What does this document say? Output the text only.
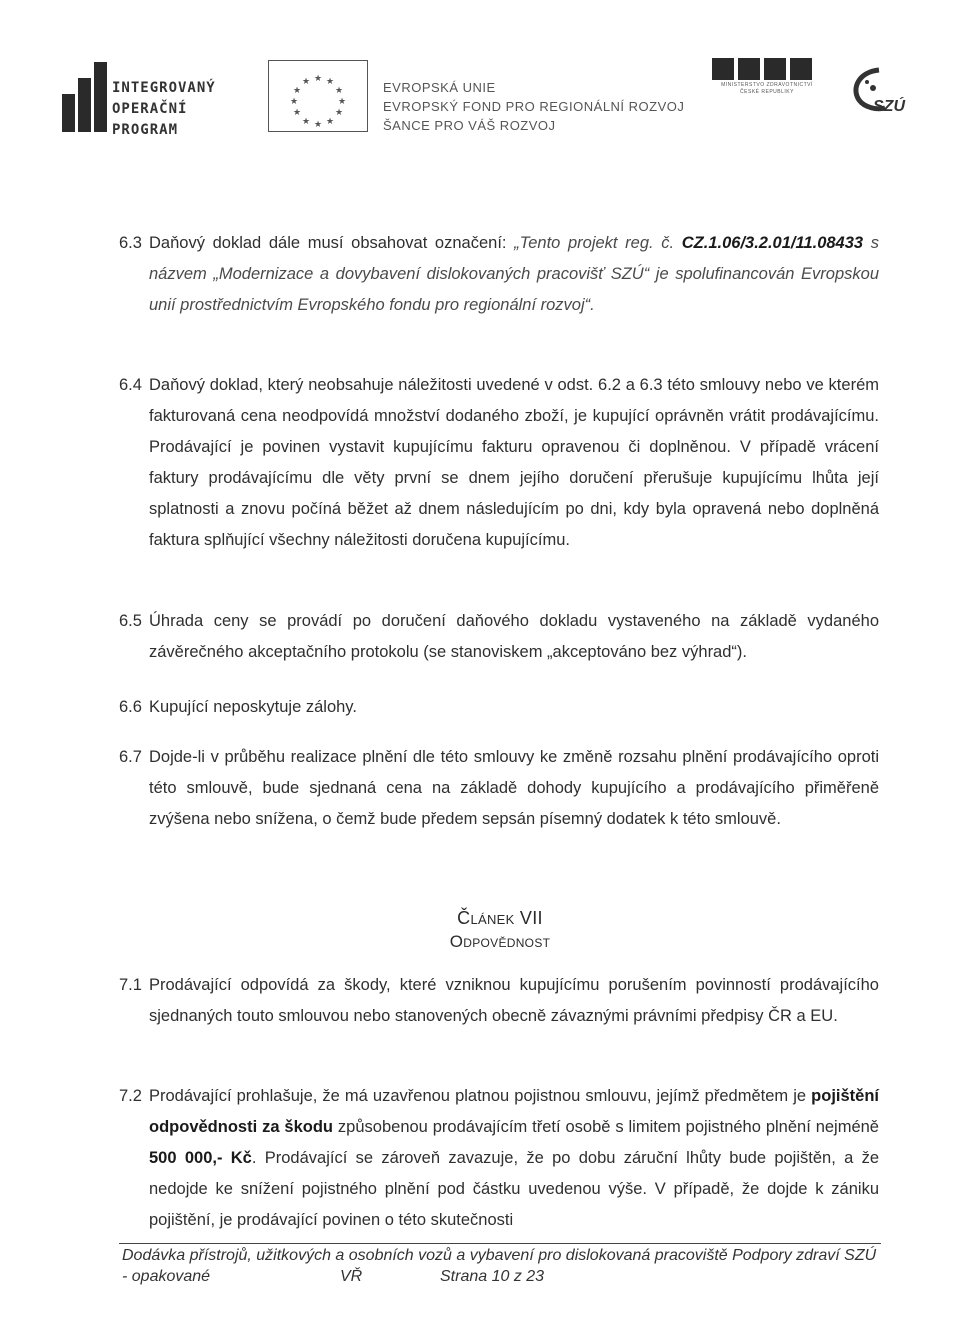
INTEGROVANÝ
OPERAČNÍ
PROGRAM
★ ★
★
★
★
★
★
★
★
★
★
★	EVROPSKÁ UNIE
EVROPSKÝ FOND PRO REGIONÁLNÍ ROZVOJ
ŠANCE PRO VÁŠ ROZVOJ
MINISTERSTVO ZDRAVOTNICTVÍ
ČESKÉ REPUBLIKY
SZÚ
6.3 Daňový doklad dále musí obsahovat označení: „Tento projekt reg. č. CZ.1.06/3.2.01/11.08433 s názvem „Modernizace a dovybavení dislokovaných pracovišť SZÚ“ je spolufinancován Evropskou unií prostřednictvím Evropského fondu pro regionální rozvoj“.
6.4 Daňový doklad, který neobsahuje náležitosti uvedené v odst. 6.2 a 6.3 této smlouvy nebo ve kterém fakturovaná cena neodpovídá množství dodaného zboží, je kupující oprávněn vrátit prodávajícímu. Prodávající je povinen vystavit kupujícímu fakturu opravenou či doplněnou. V případě vrácení faktury prodávajícímu dle věty první se dnem jejího doručení přerušuje kupujícímu lhůta její splatnosti a znovu počíná běžet až dnem následujícím po dni, kdy byla opravená nebo doplněná faktura splňující všechny náležitosti doručena kupujícímu.
6.5 Úhrada ceny se provádí po doručení daňového dokladu vystaveného na základě vydaného závěrečného akceptačního protokolu (se stanoviskem „akceptováno bez výhrad“).
6.6 Kupující neposkytuje zálohy.
6.7 Dojde-li v průběhu realizace plnění dle této smlouvy ke změně rozsahu plnění prodávajícího oproti této smlouvě, bude sjednaná cena na základě dohody kupujícího a prodávajícího přiměřeně zvýšena nebo snížena, o čemž bude předem sepsán písemný dodatek k této smlouvě.
Článek VII
Odpovědnost
7.1 Prodávající odpovídá za škody, které vzniknou kupujícímu porušením povinností prodávajícího sjednaných touto smlouvou nebo stanovených obecně závaznými právními předpisy ČR a EU.
7.2 Prodávající prohlašuje, že má uzavřenou platnou pojistnou smlouvu, jejímž předmětem je pojištění odpovědnosti za škodu způsobenou prodávajícím třetí osobě s limitem pojistného plnění nejméně 500 000,- Kč. Prodávající se zároveň zavazuje, že po dobu záruční lhůty bude pojištěn, a že nedojde ke snížení pojistného plnění pod částku uvedenou výše. V případě, že dojde k zániku pojištění, je prodávající povinen o této skutečnosti
Dodávka přístrojů, užitkových a osobních vozů a vybavení pro dislokovaná pracoviště Podpory zdraví SZÚ
- opakované	VŘ	Strana 10 z 23
